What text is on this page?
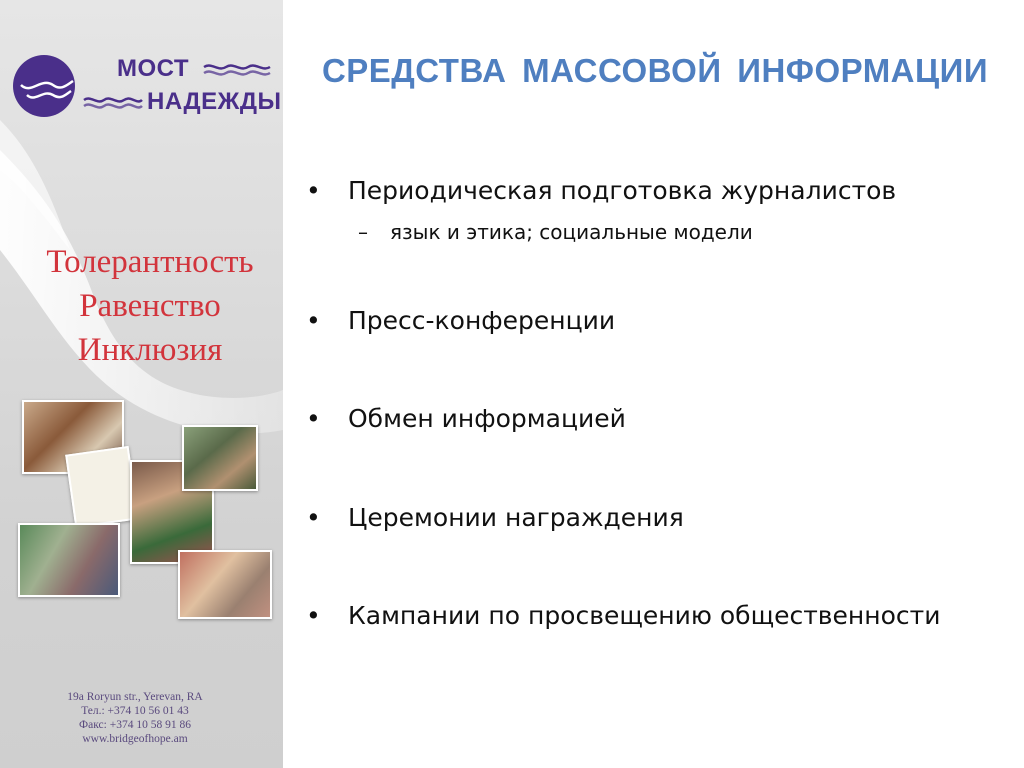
МОСТ
НАДЕЖДЫ
Толерантность
Равенство
Инклюзия
19a Roryun str., Yerevan, RA
Тел.: +374 10 56 01 43
Факс: +374 10 58 91 86
www.bridgeofhope.am
СРЕДСТВА МАССОВОЙ ИНФОРМАЦИИ
• Периодическая подготовка журналистов
– язык и этика; социальные модели
• Пресс-конференции
• Обмен информацией
• Церемонии награждения
• Кампании по просвещению общественности
